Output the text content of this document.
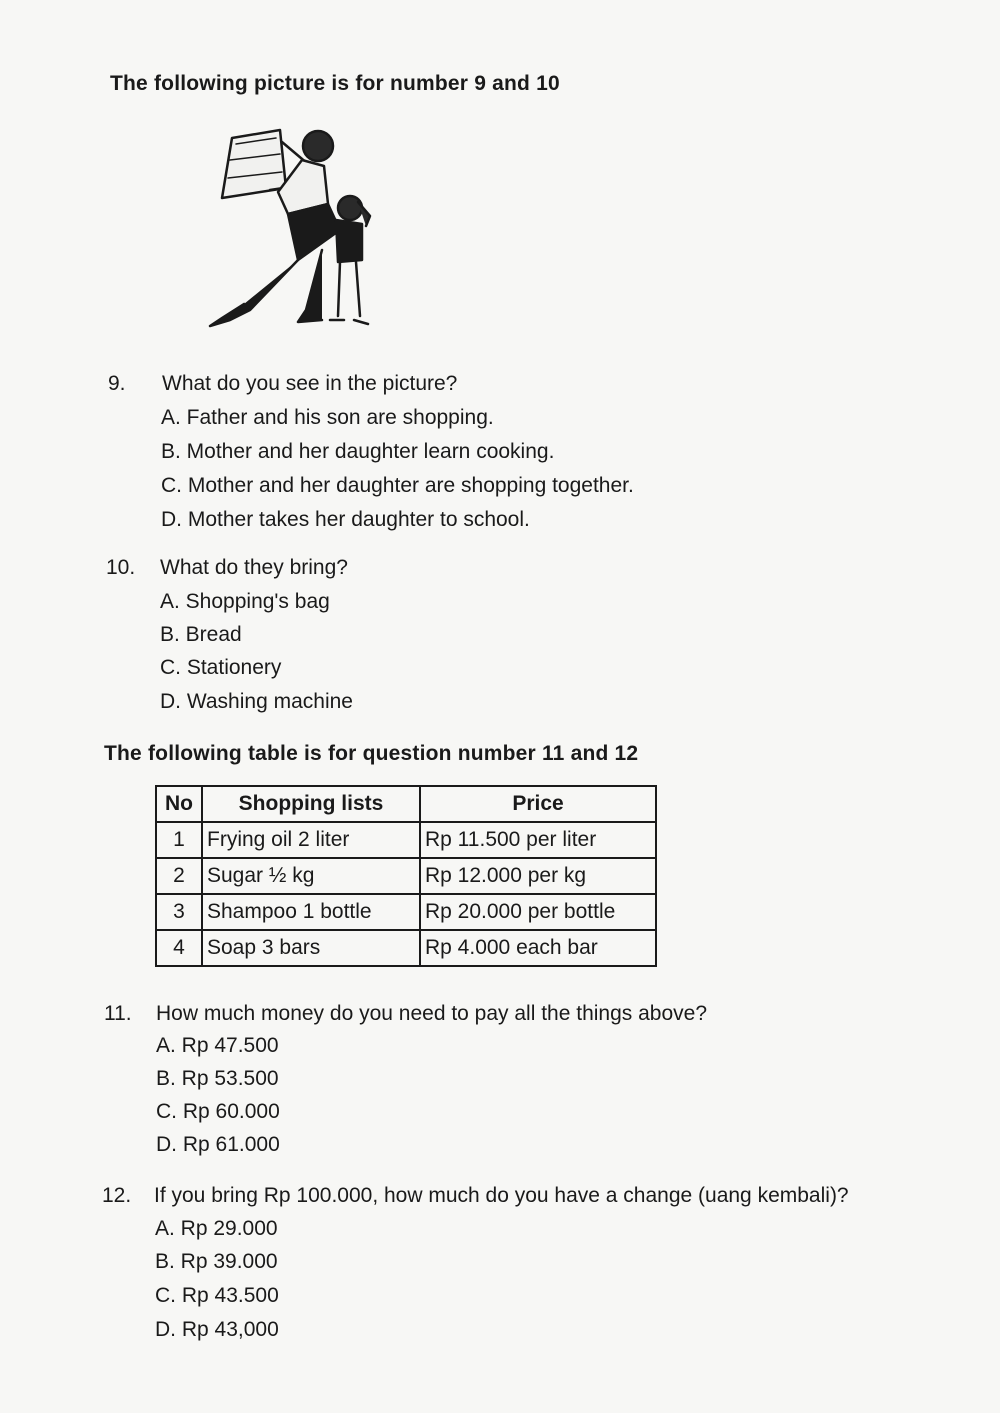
The following picture is for number 9 and 10
9. What do you see in the picture?
A. Father and his son are shopping.
B. Mother and her daughter learn cooking.
C. Mother and her daughter are shopping together.
D. Mother takes her daughter to school.
10. What do they bring?
A. Shopping's bag
B. Bread
C. Stationery
D. Washing machine
The following table is for question number 11 and 12
No	Shopping lists	Price
1	Frying oil 2 liter	Rp 11.500 per liter
2	Sugar ½ kg	Rp 12.000 per kg
3	Shampoo 1 bottle	Rp 20.000 per bottle
4	Soap 3 bars	Rp 4.000 each bar
11. How much money do you need to pay all the things above?
A. Rp 47.500
B. Rp 53.500
C. Rp 60.000
D. Rp 61.000
12. If you bring Rp 100.000, how much do you have a change (uang kembali)?
A. Rp 29.000
B. Rp 39.000
C. Rp 43.500
D. Rp 43,000
